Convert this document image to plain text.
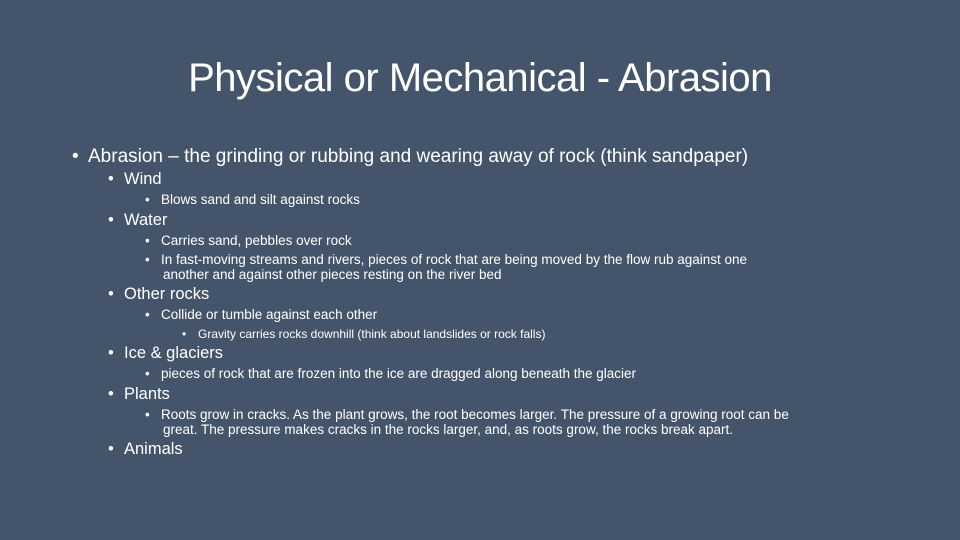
Physical or Mechanical - Abrasion
• Abrasion – the grinding or rubbing and wearing away of rock (think sandpaper)
• Wind
• Blows sand and silt against rocks
• Water
• Carries sand, pebbles over rock
• In fast-moving streams and rivers, pieces of rock that are being moved by the flow rub against one
another and against other pieces resting on the river bed
• Other rocks
• Collide or tumble against each other
• Gravity carries rocks downhill (think about landslides or rock falls)
• Ice & glaciers
• pieces of rock that are frozen into the ice are dragged along beneath the glacier
• Plants
• Roots grow in cracks. As the plant grows, the root becomes larger. The pressure of a growing root can be
great. The pressure makes cracks in the rocks larger, and, as roots grow, the rocks break apart.
• Animals
